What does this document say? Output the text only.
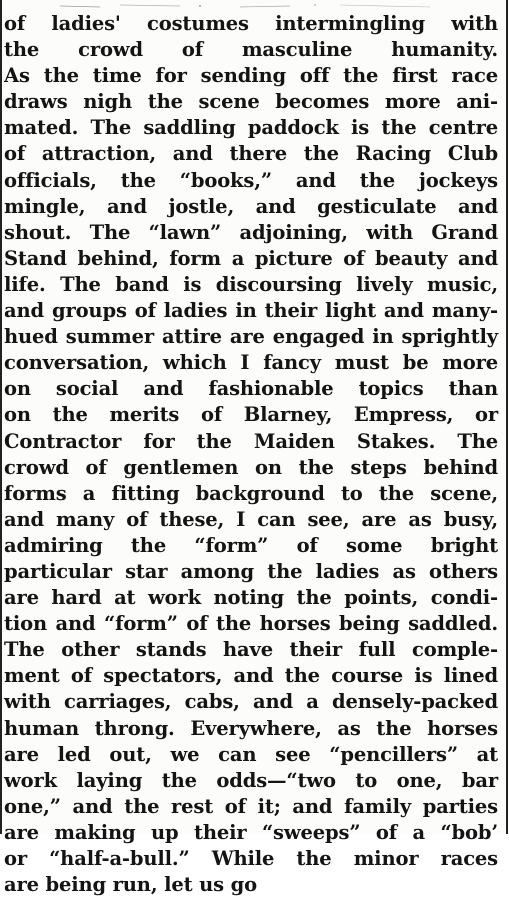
of ladies' costumes intermingling with
the crowd of masculine humanity.
As the time for sending off the first race
draws nigh the scene becomes more ani-
mated. The saddling paddock is the centre
of attraction, and there the Racing Club
officials, the “books,” and the jockeys
mingle, and jostle, and gesticulate and
shout. The “lawn” adjoining, with Grand
Stand behind, form a picture of beauty and
life. The band is discoursing lively music,
and groups of ladies in their light and many-
hued summer attire are engaged in sprightly
conversation, which I fancy must be more
on social and fashionable topics than
on the merits of Blarney, Empress, or
Contractor for the Maiden Stakes. The
crowd of gentlemen on the steps behind
forms a fitting background to the scene,
and many of these, I can see, are as busy,
admiring the “form” of some bright
particular star among the ladies as others
are hard at work noting the points, condi-
tion and “form” of the horses being saddled.
The other stands have their full comple-
ment of spectators, and the course is lined
with carriages, cabs, and a densely-packed
human throng. Everywhere, as the horses
are led out, we can see “pencillers” at
work laying the odds—“two to one, bar
one,” and the rest of it; and family parties
are making up their “sweeps” of a “bob’
or “half-a-bull.” While the minor races
are being run, let us go
